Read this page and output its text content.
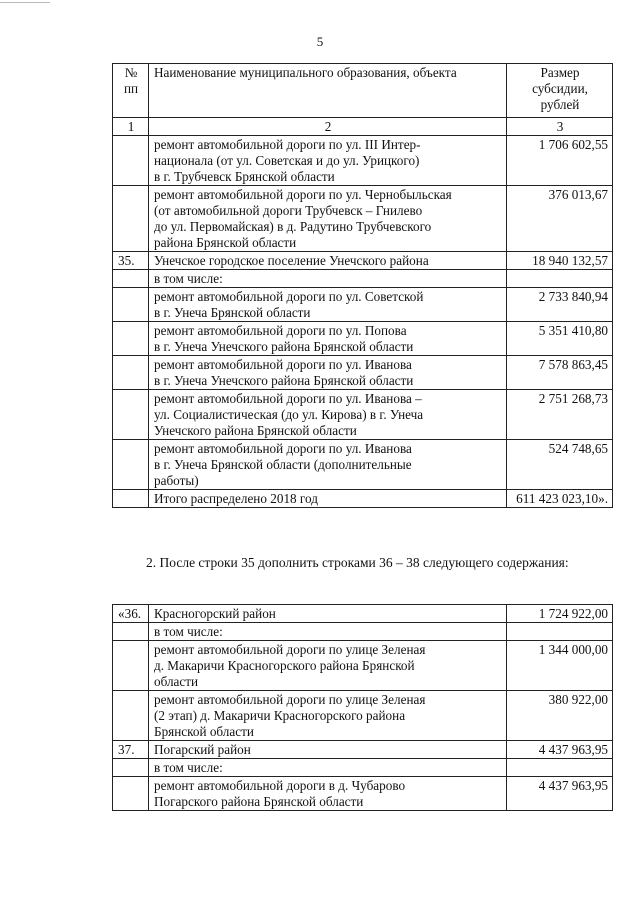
5
№ пп	Наименование муниципального образования, объекта	Размер субсидии, рублей
1	2	3
	ремонт автомобильной дороги по ул. III Интер-
национала (от ул. Советская и до ул. Урицкого)
в г. Трубчевск Брянской области	1 706 602,55
	ремонт автомобильной дороги по ул. Чернобыльская
(от автомобильной дороги Трубчевск – Гнилево
до ул. Первомайская) в д. Радутино Трубчевского
района Брянской области	376 013,67
35.	Унечское городское поселение Унечского района	18 940 132,57
	в том числе:	
	ремонт автомобильной дороги по ул. Советской
в г. Унеча Брянской области	2 733 840,94
	ремонт автомобильной дороги по ул. Попова
в г. Унеча Унечского района Брянской области	5 351 410,80
	ремонт автомобильной дороги по ул. Иванова
в г. Унеча Унечского района Брянской области	7 578 863,45
	ремонт автомобильной дороги по ул. Иванова –
ул. Социалистическая (до ул. Кирова) в г. Унеча
Унечского района Брянской области	2 751 268,73
	ремонт автомобильной дороги по ул. Иванова
в г. Унеча Брянской области (дополнительные
работы)	524 748,65
	Итого распределено 2018 год	611 423 023,10».
2. После строки 35 дополнить строками 36 – 38 следующего содержания:
«36.	Красногорский район	1 724 922,00
	в том числе:	
	ремонт автомобильной дороги по улице Зеленая
д. Макаричи Красногорского района Брянской
области	1 344 000,00
	ремонт автомобильной дороги по улице Зеленая
(2 этап) д. Макаричи Красногорского района
Брянской области	380 922,00
37.	Погарский район	4 437 963,95
	в том числе:	
	ремонт автомобильной дороги в д. Чубарово
Погарского района Брянской области	4 437 963,95
